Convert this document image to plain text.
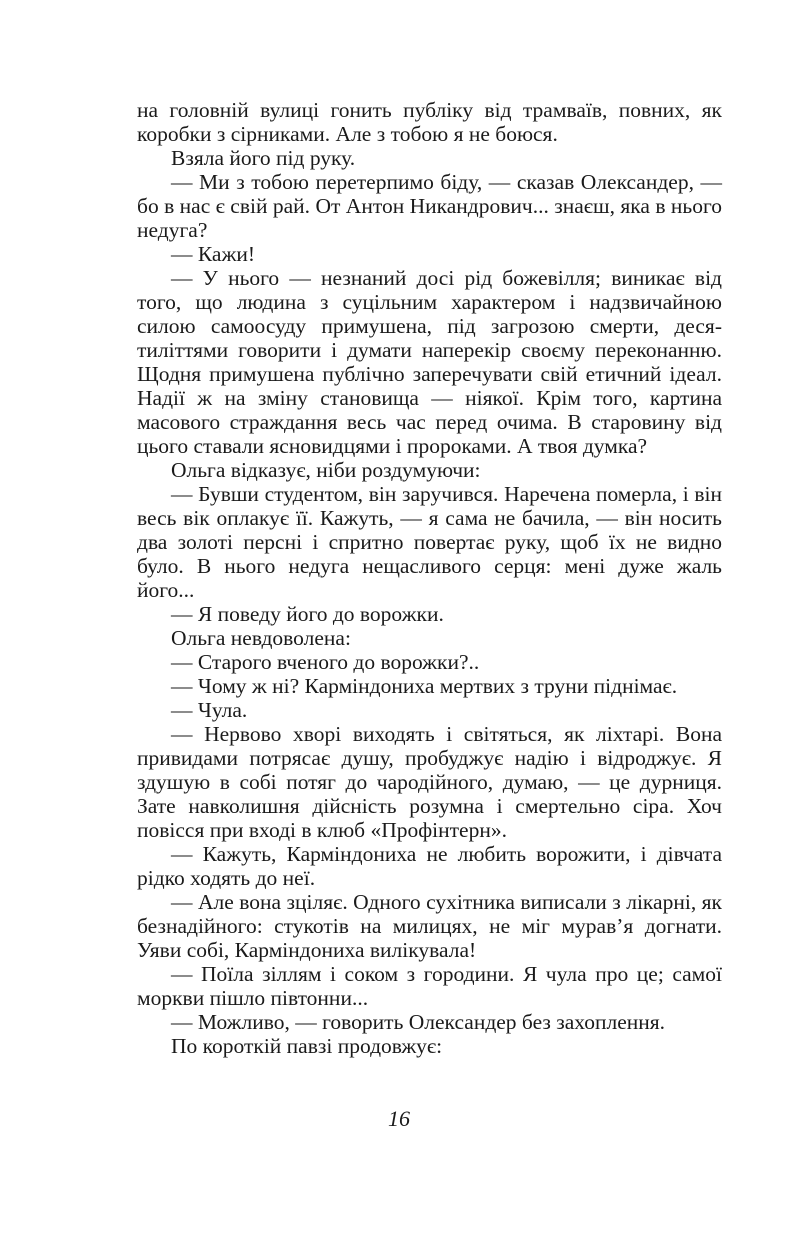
на головній вулиці гонить публіку від трамваїв, повних, як коробки з сірниками. Але з тобою я не боюся.

Взяла його під руку.

— Ми з тобою перетерпимо біду, — сказав Олександер, — бо в нас є свій рай. От Антон Никандрович... знаєш, яка в нього недуга?

— Кажи!

— У нього — незнаний досі рід божевілля; виникає від того, що людина з суцільним характером і надзвичайною силою самоосуду примушена, під загрозою смерти, десятиліттями говорити і думати наперекір своєму переконанню. Щодня примушена публічно заперечувати свій етичний ідеал. Надії ж на зміну становища — ніякої. Крім того, картина масового страждання весь час перед очима. В старовину від цього ставали ясновидцями і пророками. А твоя думка?

Ольга відказує, ніби роздумуючи:

— Бувши студентом, він заручився. Наречена померла, і він весь вік оплакує її. Кажуть, — я сама не бачила, — він носить два золоті персні і спритно повертає руку, щоб їх не видно було. В нього недуга нещасливого серця: мені дуже жаль його...

— Я поведу його до ворожки.

Ольга невдоволена:

— Старого вченого до ворожки?..

— Чому ж ні? Карміндониха мертвих з труни піднімає.

— Чула.

— Нервово хворі виходять і світяться, як ліхтарі. Вона привидами потрясає душу, пробуджує надію і відроджує. Я здушую в собі потяг до чародійного, думаю, — це дурниця. Зате навколишня дійсність розумна і смертельно сіра. Хоч повісся при вході в клюб «Профінтерн».

— Кажуть, Карміндониха не любить ворожити, і дівчата рідко ходять до неї.

— Але вона зціляє. Одного сухітника виписали з лікарні, як безнадійного: стукотів на милицях, не міг мурав’я догнати. Уяви собі, Карміндониха вилікувала!

— Поїла зіллям і соком з городини. Я чула про це; самої моркви пішло півтонни...

— Можливо, — говорить Олександер без захоплення.

По короткій павзі продовжує:

16
